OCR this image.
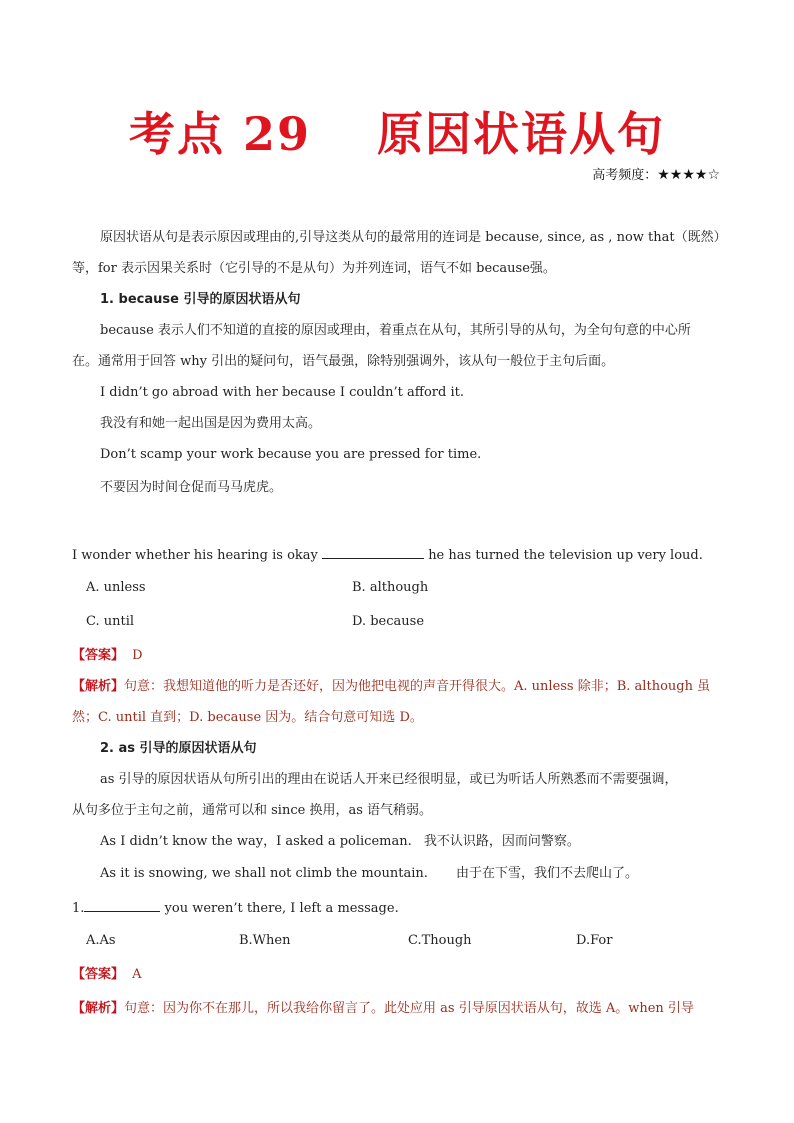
考点 29 原因状语从句
高考频度：★★★★☆
原因状语从句是表示原因或理由的,引导这类从句的最常用的连词是 because, since, as , now that（既然）
等，for 表示因果关系时（它引导的不是从句）为并列连词，语气不如 because强。
1. because 引导的原因状语从句
because 表示人们不知道的直接的原因或理由，着重点在从句，其所引导的从句，为全句句意的中心所
在。通常用于回答 why 引出的疑问句，语气最强，除特别强调外，该从句一般位于主句后面。
I didn’t go abroad with her because I couldn’t afford it.
我没有和她一起出国是因为费用太高。
Don’t scamp your work because you are pressed for time.
不要因为时间仓促而马马虎虎。
I wonder whether his hearing is okay	he has turned the television up very loud.
A. unless	B. although
C. until	D. because
【答案】 D
【解析】句意：我想知道他的听力是否还好，因为他把电视的声音开得很大。A. unless 除非；B. although 虽
然；C. until 直到；D. because 因为。结合句意可知选 D。
2. as 引导的原因状语从句
as 引导的原因状语从句所引出的理由在说话人开来已经很明显，或已为听话人所熟悉而不需要强调，
从句多位于主句之前，通常可以和 since 换用，as 语气稍弱。
As I didn’t know the way，I asked a policeman. 我不认识路，因而问警察。
As it is snowing, we shall not climb the mountain. 由于在下雪，我们不去爬山了。
1.	you weren’t there, I left a message.
A.As	B.When	C.Though	D.For
【答案】 A
【解析】句意：因为你不在那儿，所以我给你留言了。此处应用 as 引导原因状语从句，故选 A。when 引导
